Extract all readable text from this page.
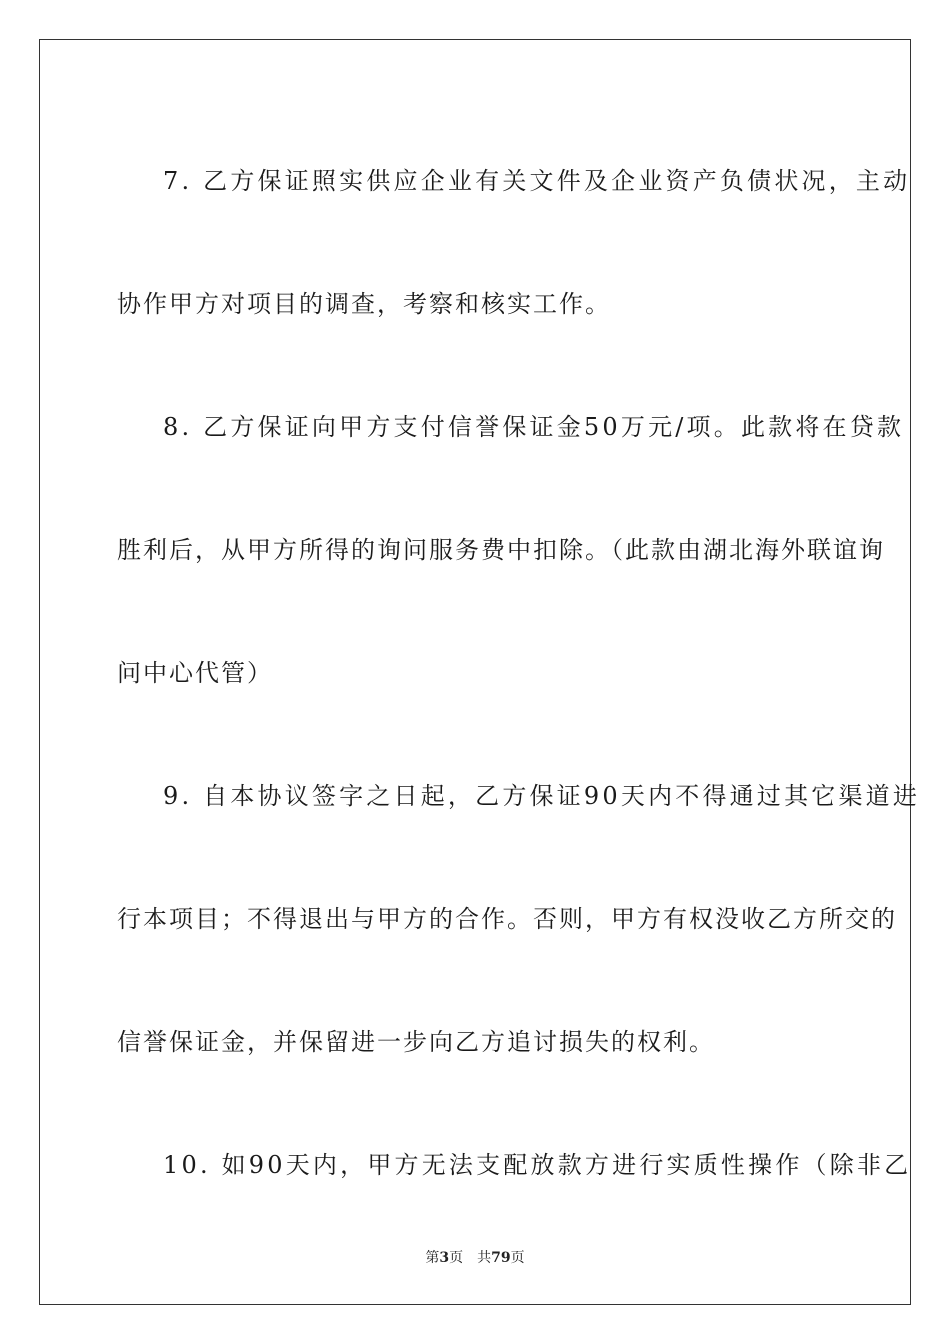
7. 乙方保证照实供应企业有关文件及企业资产负债状况，主动

协作甲方对项目的调查，考察和核实工作。

8. 乙方保证向甲方支付信誉保证金50万元/项。此款将在贷款

胜利后，从甲方所得的询问服务费中扣除。（此款由湖北海外联谊询

问中心代管）

9. 自本协议签字之日起，乙方保证90天内不得通过其它渠道进

行本项目；不得退出与甲方的合作。否则，甲方有权没收乙方所交的

信誉保证金，并保留进一步向乙方追讨损失的权利。

10. 如90天内，甲方无法支配放款方进行实质性操作（除非乙

第3页 共79页
